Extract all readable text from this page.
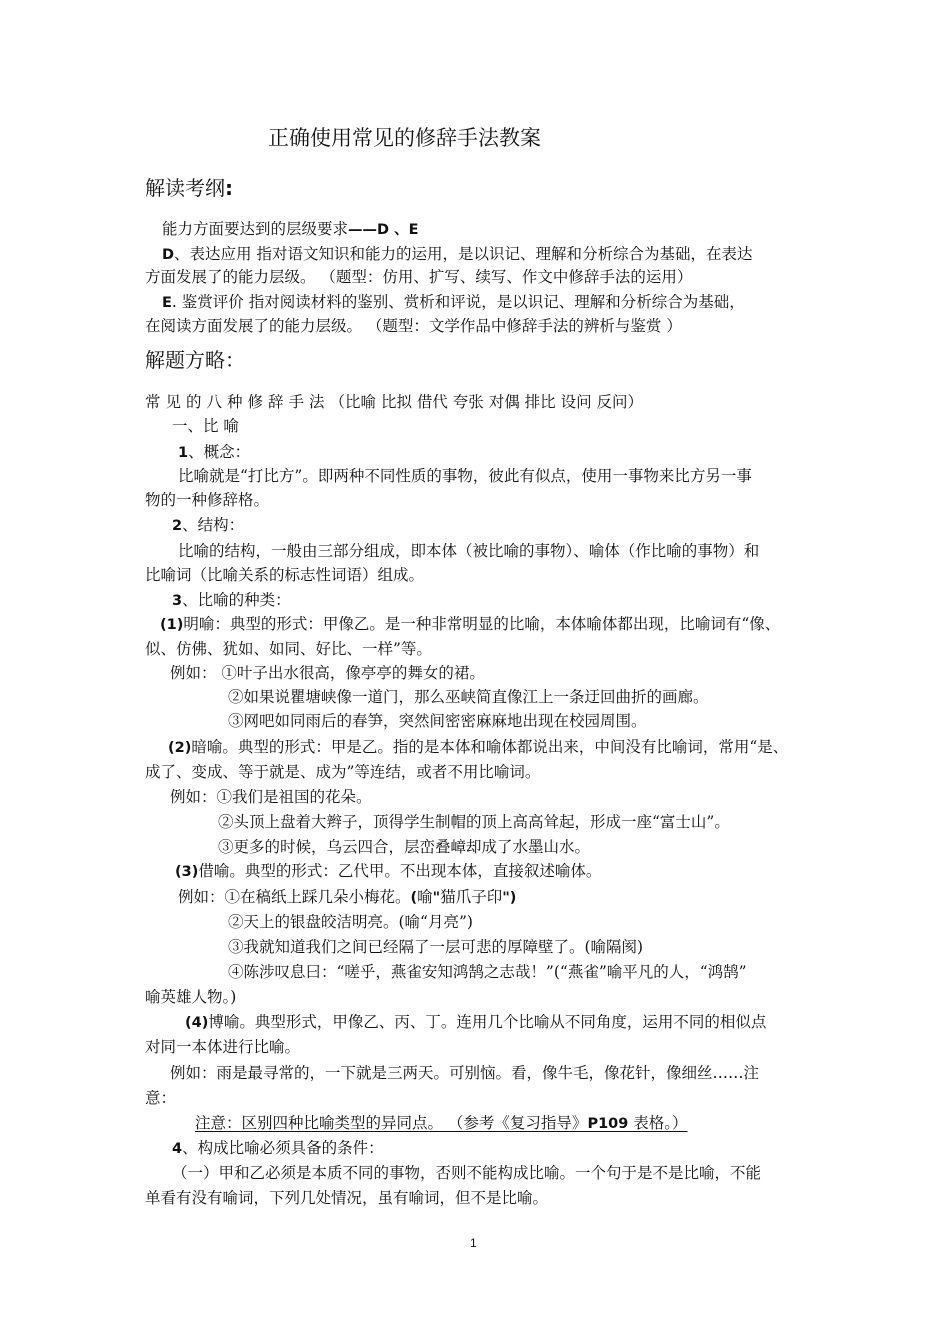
正确使用常见的修辞手法教案
解读考纲:
能力方面要达到的层级要求——D 、E
D、表达应用 指对语文知识和能力的运用，是以识记、理解和分析综合为基础，在表达
方面发展了的能力层级。 （题型：仿用、扩写、续写、作文中修辞手法的运用）
E. 鉴赏评价 指对阅读材料的鉴别、赏析和评说，是以识记、理解和分析综合为基础，
在阅读方面发展了的能力层级。 （题型：文学作品中修辞手法的辨析与鉴赏 ）
解题方略：
常见的八种修辞手法（比喻 比拟 借代 夸张 对偶 排比 设问 反问）
一、比 喻
1、概念：
比喻就是“打比方”。即两种不同性质的事物，彼此有似点，使用一事物来比方另一事
物的一种修辞格。
2、结构：
比喻的结构，一般由三部分组成，即本体（被比喻的事物）、喻体（作比喻的事物）和
比喻词（比喻关系的标志性词语）组成。
3、比喻的种类：
(1)明喻：典型的形式：甲像乙。是一种非常明显的比喻，本体喻体都出现，比喻词有“像、
似、仿佛、犹如、如同、好比、一样”等。
例如： ①叶子出水很高，像亭亭的舞女的裙。
②如果说瞿塘峡像一道门，那么巫峡简直像江上一条迂回曲折的画廊。
③网吧如同雨后的春笋，突然间密密麻麻地出现在校园周围。
(2)暗喻。典型的形式：甲是乙。指的是本体和喻体都说出来，中间没有比喻词，常用“是、
成了、变成、等于就是、成为”等连结，或者不用比喻词。
例如：①我们是祖国的花朵。
②头顶上盘着大辫子，顶得学生制帽的顶上高高耸起，形成一座“富士山”。
③更多的时候，乌云四合，层峦叠嶂却成了水墨山水。
(3)借喻。典型的形式：乙代甲。不出现本体，直接叙述喻体。
例如：①在稿纸上踩几朵小梅花。(喻"猫爪子印")
②天上的银盘皎洁明亮。(喻“月亮”)
③我就知道我们之间已经隔了一层可悲的厚障壁了。(喻隔阂)
④陈涉叹息曰：“嗟乎，燕雀安知鸿鹄之志哉！”(“燕雀”喻平凡的人，“鸿鹄”
喻英雄人物。)
(4)博喻。典型形式，甲像乙、丙、丁。连用几个比喻从不同角度，运用不同的相似点
对同一本体进行比喻。
例如：雨是最寻常的，一下就是三两天。可别恼。看，像牛毛，像花针，像细丝……注
意：
注意：区别四种比喻类型的异同点。 （参考《复习指导》P109 表格。）
4、构成比喻必须具备的条件：
（一）甲和乙必须是本质不同的事物，否则不能构成比喻。一个句于是不是比喻，不能
单看有没有喻词，下列几处情况，虽有喻词，但不是比喻。
1
